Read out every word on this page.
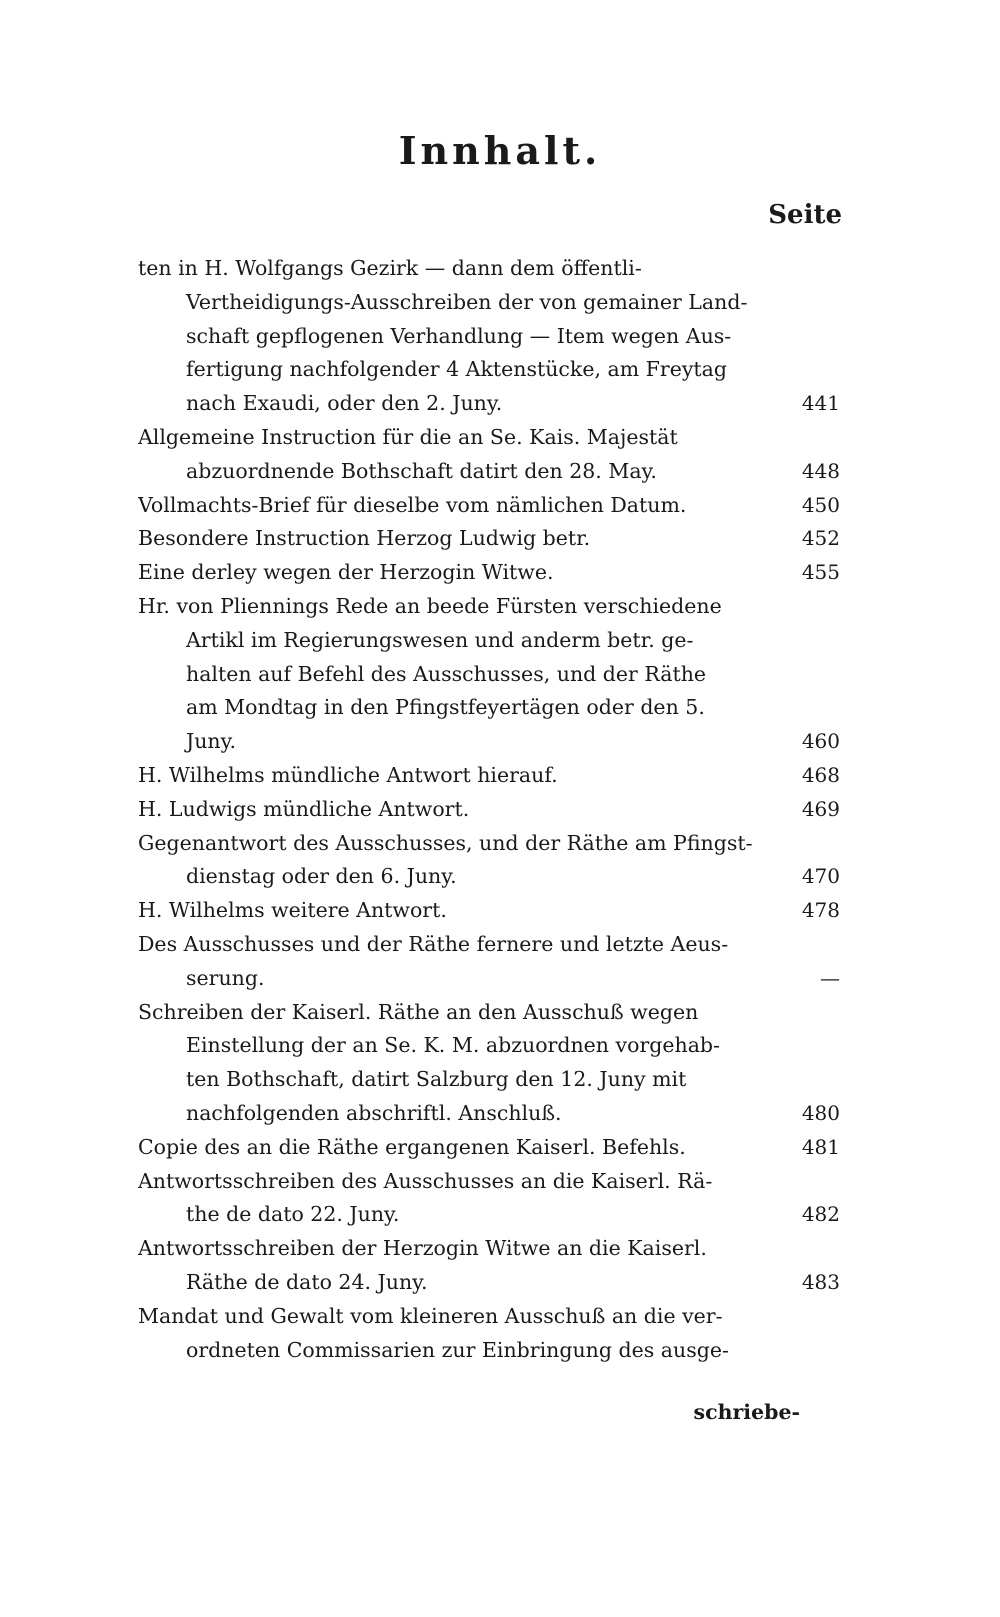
Innhalt.
Seite
ten in H. Wolfgangs Gezirk — dann dem öffentli-
Vertheidigungs-Ausschreiben der von gemainer Land-
schaft gepflogenen Verhandlung — Item wegen Aus-
fertigung nachfolgender 4 Aktenstücke, am Freytag
nach Exaudi, oder den 2. Juny.	441
Allgemeine Instruction für die an Se. Kais. Majestät
abzuordnende Bothschaft datirt den 28. May.	448
Vollmachts-Brief für dieselbe vom nämlichen Datum.	450
Besondere Instruction Herzog Ludwig betr.	452
Eine derley wegen der Herzogin Witwe.	455
Hr. von Pliennings Rede an beede Fürsten verschiedene
Artikl im Regierungswesen und anderm betr. ge-
halten auf Befehl des Ausschusses, und der Räthe
am Mondtag in den Pfingstfeyertägen oder den 5.
Juny.	460
H. Wilhelms mündliche Antwort hierauf.	468
H. Ludwigs mündliche Antwort.	469
Gegenantwort des Ausschusses, und der Räthe am Pfingst-
dienstag oder den 6. Juny.	470
H. Wilhelms weitere Antwort.	478
Des Ausschusses und der Räthe fernere und letzte Aeus-
serung.	—
Schreiben der Kaiserl. Räthe an den Ausschuß wegen
Einstellung der an Se. K. M. abzuordnen vorgehab-
ten Bothschaft, datirt Salzburg den 12. Juny mit
nachfolgenden abschriftl. Anschluß.	480
Copie des an die Räthe ergangenen Kaiserl. Befehls.	481
Antwortsschreiben des Ausschusses an die Kaiserl. Rä-
the de dato 22. Juny.	482
Antwortsschreiben der Herzogin Witwe an die Kaiserl.
Räthe de dato 24. Juny.	483
Mandat und Gewalt vom kleineren Ausschuß an die ver-
ordneten Commissarien zur Einbringung des ausge-
schriebe-
